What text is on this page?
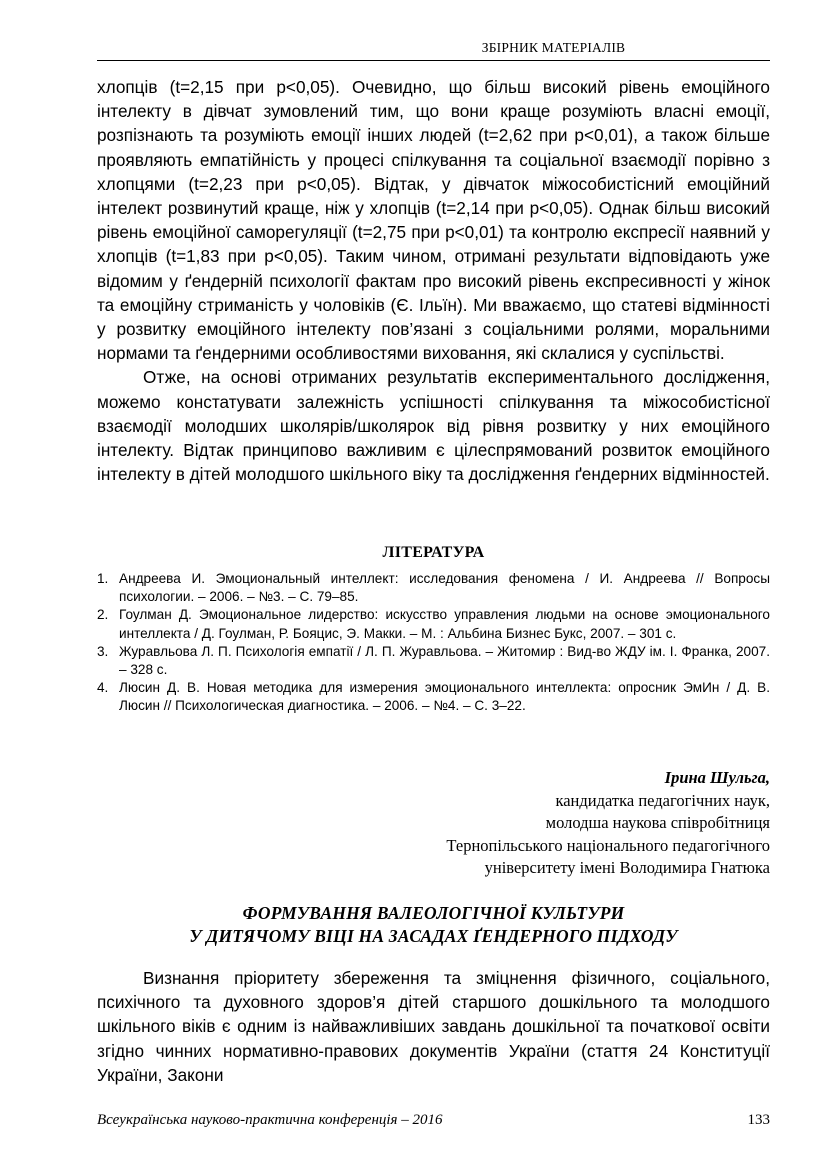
ЗБІРНИК МАТЕРІАЛІВ

хлопців (t=2,15 при p<0,05). Очевидно, що більш високий рівень емоційного інтелекту в дівчат зумовлений тим, що вони краще розуміють власні емоції, розпізнають та розуміють емоції інших людей (t=2,62 при p<0,01), а також більше проявляють емпатійність у процесі спілкування та соціальної взаємодії порівно з хлопцями (t=2,23 при p<0,05). Відтак, у дівчаток міжособистісний емоційний інтелект розвинутий краще, ніж у хлопців (t=2,14 при p<0,05). Однак більш високий рівень емоційної саморегуляції (t=2,75 при p<0,01) та контролю експресії наявний у хлопців (t=1,83 при p<0,05). Таким чином, отримані результати відповідають уже відомим у ґендерній психології фактам про високий рівень експресивності у жінок та емоційну стриманість у чоловіків (Є. Ільїн). Ми вважаємо, що статеві відмінності у розвитку емоційного інтелекту пов’язані з соціальними ролями, моральними нормами та ґендерними особливостями виховання, які склалися у суспільстві.

Отже, на основі отриманих результатів експериментального дослідження, можемо констатувати залежність успішності спілкування та міжособистісної взаємодії молодших школярів/школярок від рівня розвитку у них емоційного інтелекту. Відтак принципово важливим є цілеспрямований розвиток емоційного інтелекту в дітей молодшого шкільного віку та дослідження ґендерних відмінностей.

ЛІТЕРАТУРА
1. Андреева И. Эмоциональный интеллект: исследования феномена / И. Андреева // Вопросы психологии. – 2006. – №3. – С. 79–85.
2. Гоулман Д. Эмоциональное лидерство: искусство управления людьми на основе эмоционального интеллекта / Д. Гоулман, Р. Бояцис, Э. Макки. – М. : Альбина Бизнес Букс, 2007. – 301 с.
3. Журавльова Л. П. Психологія емпатії / Л. П. Журавльова. – Житомир : Вид-во ЖДУ ім. І. Франка, 2007. – 328 с.
4. Люсин Д. В. Новая методика для измерения эмоционального интеллекта: опросник ЭмИн / Д. В. Люсин // Психологическая диагностика. – 2006. – №4. – С. 3–22.
Ірина Шульга,
кандидатка педагогічних наук,
молодша наукова співробітниця
Тернопільського національного педагогічного
університету імені Володимира Гнатюка
ФОРМУВАННЯ ВАЛЕОЛОГІЧНОЇ КУЛЬТУРИ
У ДИТЯЧОМУ ВІЦІ НА ЗАСАДАХ ҐЕНДЕРНОГО ПІДХОДУ

Визнання пріоритету збереження та зміцнення фізичного, соціального, психічного та духовного здоров’я дітей старшого дошкільного та молодшого шкільного віків є одним із найважливіших завдань дошкільної та початкової освіти згідно чинних нормативно-правових документів України (стаття 24 Конституції України, Закони

Всеукраїнська науково-практична конференція – 2016	133
